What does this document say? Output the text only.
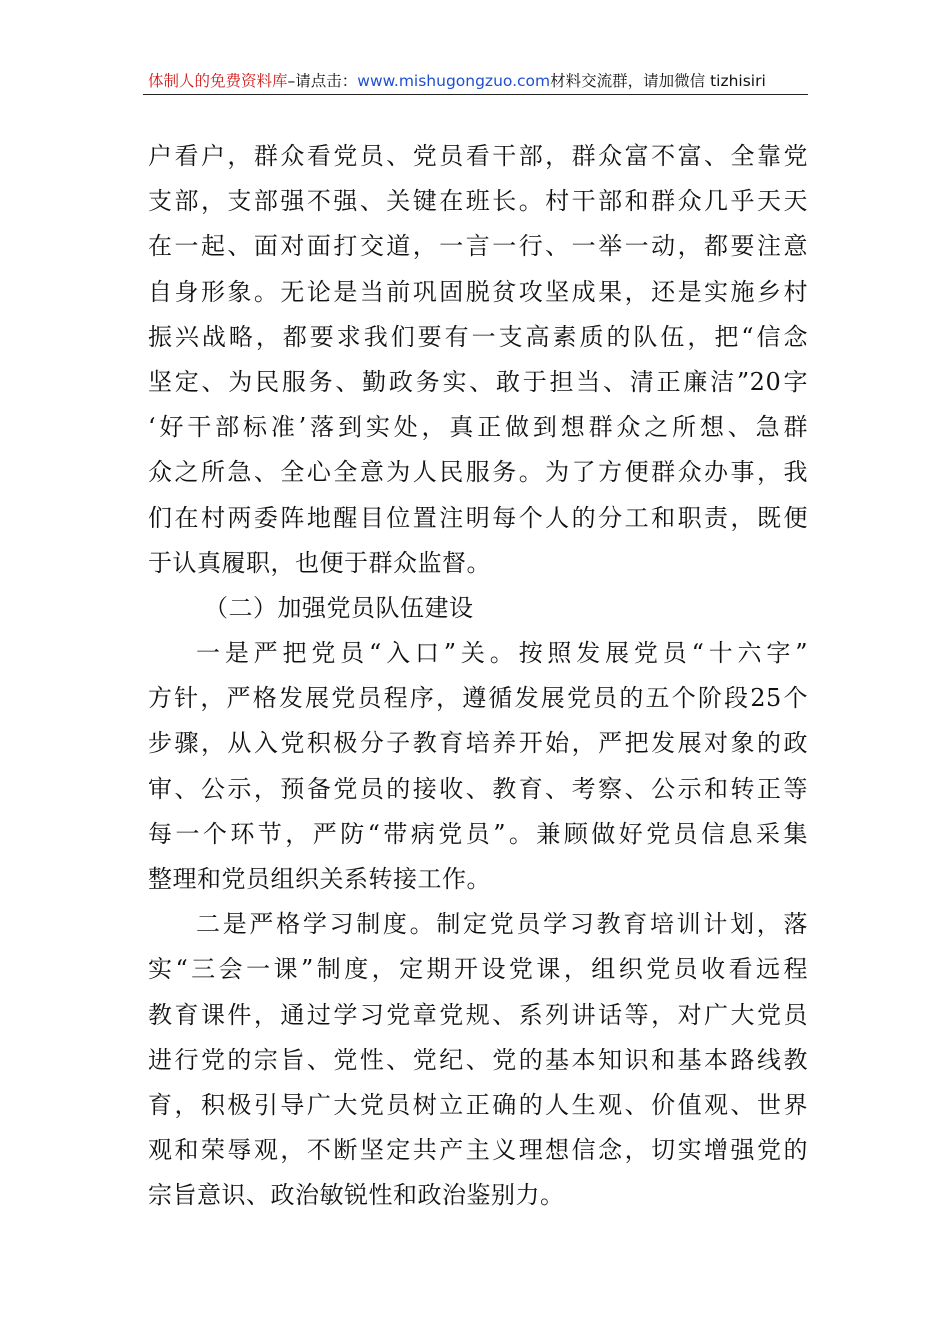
体制人的免费资料库–请点击：www.mishugongzuo.com材料交流群，请加微信 tizhisiri
户看户，群众看党员、党员看干部，群众富不富、全靠党
支部，支部强不强、关键在班长。村干部和群众几乎天天
在一起、面对面打交道，一言一行、一举一动，都要注意
自身形象。无论是当前巩固脱贫攻坚成果，还是实施乡村
振兴战略，都要求我们要有一支高素质的队伍，把“信念
坚定、为民服务、勤政务实、敢于担当、清正廉洁”20字
‘好干部标准’落到实处，真正做到想群众之所想、急群
众之所急、全心全意为人民服务。为了方便群众办事，我
们在村两委阵地醒目位置注明每个人的分工和职责，既便
于认真履职，也便于群众监督。
（二）加强党员队伍建设
一是严把党员“入口”关。按照发展党员“十六字”
方针，严格发展党员程序，遵循发展党员的五个阶段25个
步骤，从入党积极分子教育培养开始，严把发展对象的政
审、公示，预备党员的接收、教育、考察、公示和转正等
每一个环节，严防“带病党员”。兼顾做好党员信息采集
整理和党员组织关系转接工作。
二是严格学习制度。制定党员学习教育培训计划，落
实“三会一课”制度，定期开设党课，组织党员收看远程
教育课件，通过学习党章党规、系列讲话等，对广大党员
进行党的宗旨、党性、党纪、党的基本知识和基本路线教
育，积极引导广大党员树立正确的人生观、价值观、世界
观和荣辱观，不断坚定共产主义理想信念，切实增强党的
宗旨意识、政治敏锐性和政治鉴别力。
